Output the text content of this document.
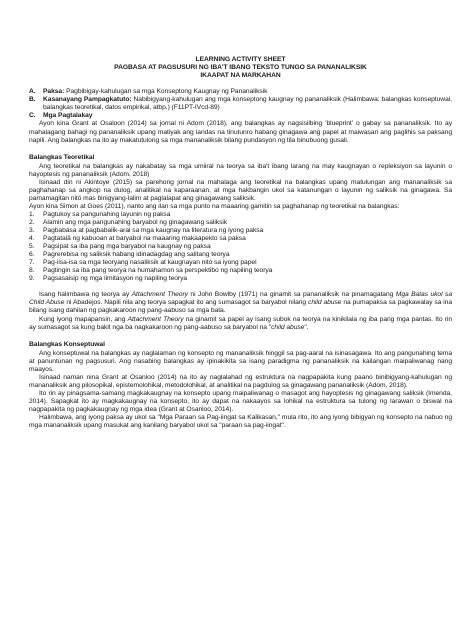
LEARNING ACTIVITY SHEET
PAGBASA AT PAGSUSURI NG IBA'T IBANG TEKSTO TUNGO SA PANANALIKSIK
IKAAPAT NA MARKAHAN
A.	Paksa: Pagbibigay-kahulugan sa mga Konseptong Kaugnay ng Pananaliksik
B.	Kasanayang Pampagkatuto: Nabibigyang-kahulugan ang mga konseptong kaugnay ng pananaliksik (Halimbawa: balangkas konseptuwal, balangkas teoretikal, datos empirikal, atbp.) (F11PT-IVcd-89)
C.	Mga Pagtalakay

Ayon kina Grant at Osaloon (2014) sa jornal ni Adom (2018), ang balangkas ay nagsisilbing 'blueprint' o gabay sa pananaliksik. Ito ay mahalagang bahagi ng pananaliksik upang matiyak ang landas na tinutunго habang ginagawa ang papel at maiwasan ang paglihis sa paksang napili. Ang balangkas na ito ay makatutulong sa mga mananaliksik bilang pundasyon ng tila binubuong gusali.

Balangkas Teoretikal

Ang teoretikal na balangkas ay nakabatay sa mga umiiral na teorya sa iba't ibang larang na may kaugnayan o repleksiyon sa layunin o hayoptesis ng pananaliksik (Adom, 2018)

Isinaad din ni Akintoye (2015) sa parehong jornal na mahalaga ang teoretikal na balangkas upang matulungan ang mananaliksik sa paghahanap sa angkop na dulog, analitikal na kaparaanan, at mga hakbangin ukol sa katanungan o layunin ng saliksik na ginagawa. Sa pamamagitan nitó mas binigyang-lalim at paglalapat ang ginagawang saliksik.

Ayon kina Simon at Goes (2011), nanto ang ilan sa mga punto na maaaring gamitin sa paghahanap ng teoretikal na balangkas:

1.	Pagtukoy sa pangunahing layunin ng paksa
2.	Alamin ang mga pangunahing baryabol ng ginagawang saliksik
3.	Pagbabása at pagbabalik-aral sa mga kaugnay na literatura ng iyong paksa
4.	Pagtatalâ ng kabuoan at baryabol na maaaring makaapekto sa paksa
5.	Pagsipat sa iba pang mga baryabol na kaugnay ng paksa
6.	Pagrerebisa ng saliksik habang idinadagdag ang salitang teorya
7.	Pag-iisa-isa sa mga teoryang nasaliksik at kaugnayan nitó sa iyong papel
8.	Pagtingin sa iba pang teorya na humahamon sa perspektibo ng napiling teorya
9.	Pagsasaisip ng mga limitasyon ng napiling teorya

Isang halimbawa ng teorya ay Attachment Theory ni John Bowlby (1971) na ginamit sa pananaliksik na pinamagatang Mga Batas ukol sa Child Abuse ni Abadejos. Napili nila ang teorya sapagkat ito ang sumasagot sa baryabol nilang child abuse na pumapaksa sa pagkawalay sa ina bilang isang dahilan ng pagkakaroon ng pang-aabuso sa mga bata.

Kung iyong mapapansin, ang Attachment Theory na ginamit sa papel ay isang subok na teorya na kinikilala ng iba pang mga pantas. Ito rin ay sumasagot sa kung bakit nga ba nagkakaroon ng pang-aabuso sa baryabol na "child abuse".

Balangkas Konseptuwal

Ang konseptuwal na balangkas ay naglalaman ng konsepto ng mananaliksik hinggil sa pag-aaral na isinasagawa. Ito ang pangunahing tema at panuntunan ng pagsusuri. Ang nasabing balangkas ay ipinakikita sa isang paradigma ng pananaliksik na kailangan maipaliwanag nang maayos.

Isinaad naman nina Grant at Osanloo (2014) na ito ay naglalahad ng estruktura na nagpapakita kung paano binibigyang-kahulugan ng mananaliksik ang pilosopikal, epistemolohikal, metodolohikal, at analitikal na pagdulog sa ginagawang pananaliksik (Adom, 2018).

Ito rin ay pinagsama-samang magkakaugnay na konsepto upang maipaliwanag o masagot ang hayoptesis ng ginagawang saliksik (Imenda, 2014). Sapagkat ito ay magkakaugnay na konsepto, ito ay dapat na nakaayos sa lohikal na estruktura sa tulong ng larawan o biswal na nagpapakita ng pagkakaugnay ng mga idea (Grant at Osanloo, 2014).

Halimbawa, ang iyong paksa ay ukol sa "Mga Paraan sa Pag-iingat sa Kalikasan," mula rito, ito ang iyong bibigyan ng konsepto na nabuo ng mga mananaliksik upang masukat ang kanilang baryabol ukol sa "paraan sa pag-iingat".
